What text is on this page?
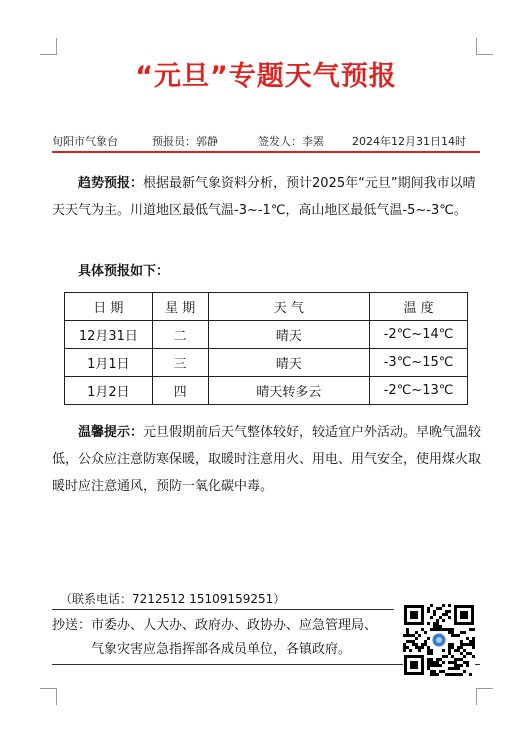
“元旦”专题天气预报
旬阳市气象台	预报员：郭静	签发人：李罴	2024年12月31日14时
趋势预报：根据最新气象资料分析，预计2025年“元旦”期间我市以晴天天气为主。川道地区最低气温-3~-1℃，高山地区最低气温-5~-3℃。
具体预报如下：
日 期	星 期	天 气	温 度
12月31日	二	晴天	-2℃~14℃
1月1日	三	晴天	-3℃~15℃
1月2日	四	晴天转多云	-2℃~13℃
温馨提示：元旦假期前后天气整体较好，较适宜户外活动。早晚气温较低，公众应注意防寒保暖，取暖时注意用火、用电、用气安全，使用煤火取暖时应注意通风，预防一氧化碳中毒。
（联系电话：7212512 15109159251）
抄送：市委办、人大办、政府办、政协办、应急管理局、
气象灾害应急指挥部各成员单位，各镇政府。
